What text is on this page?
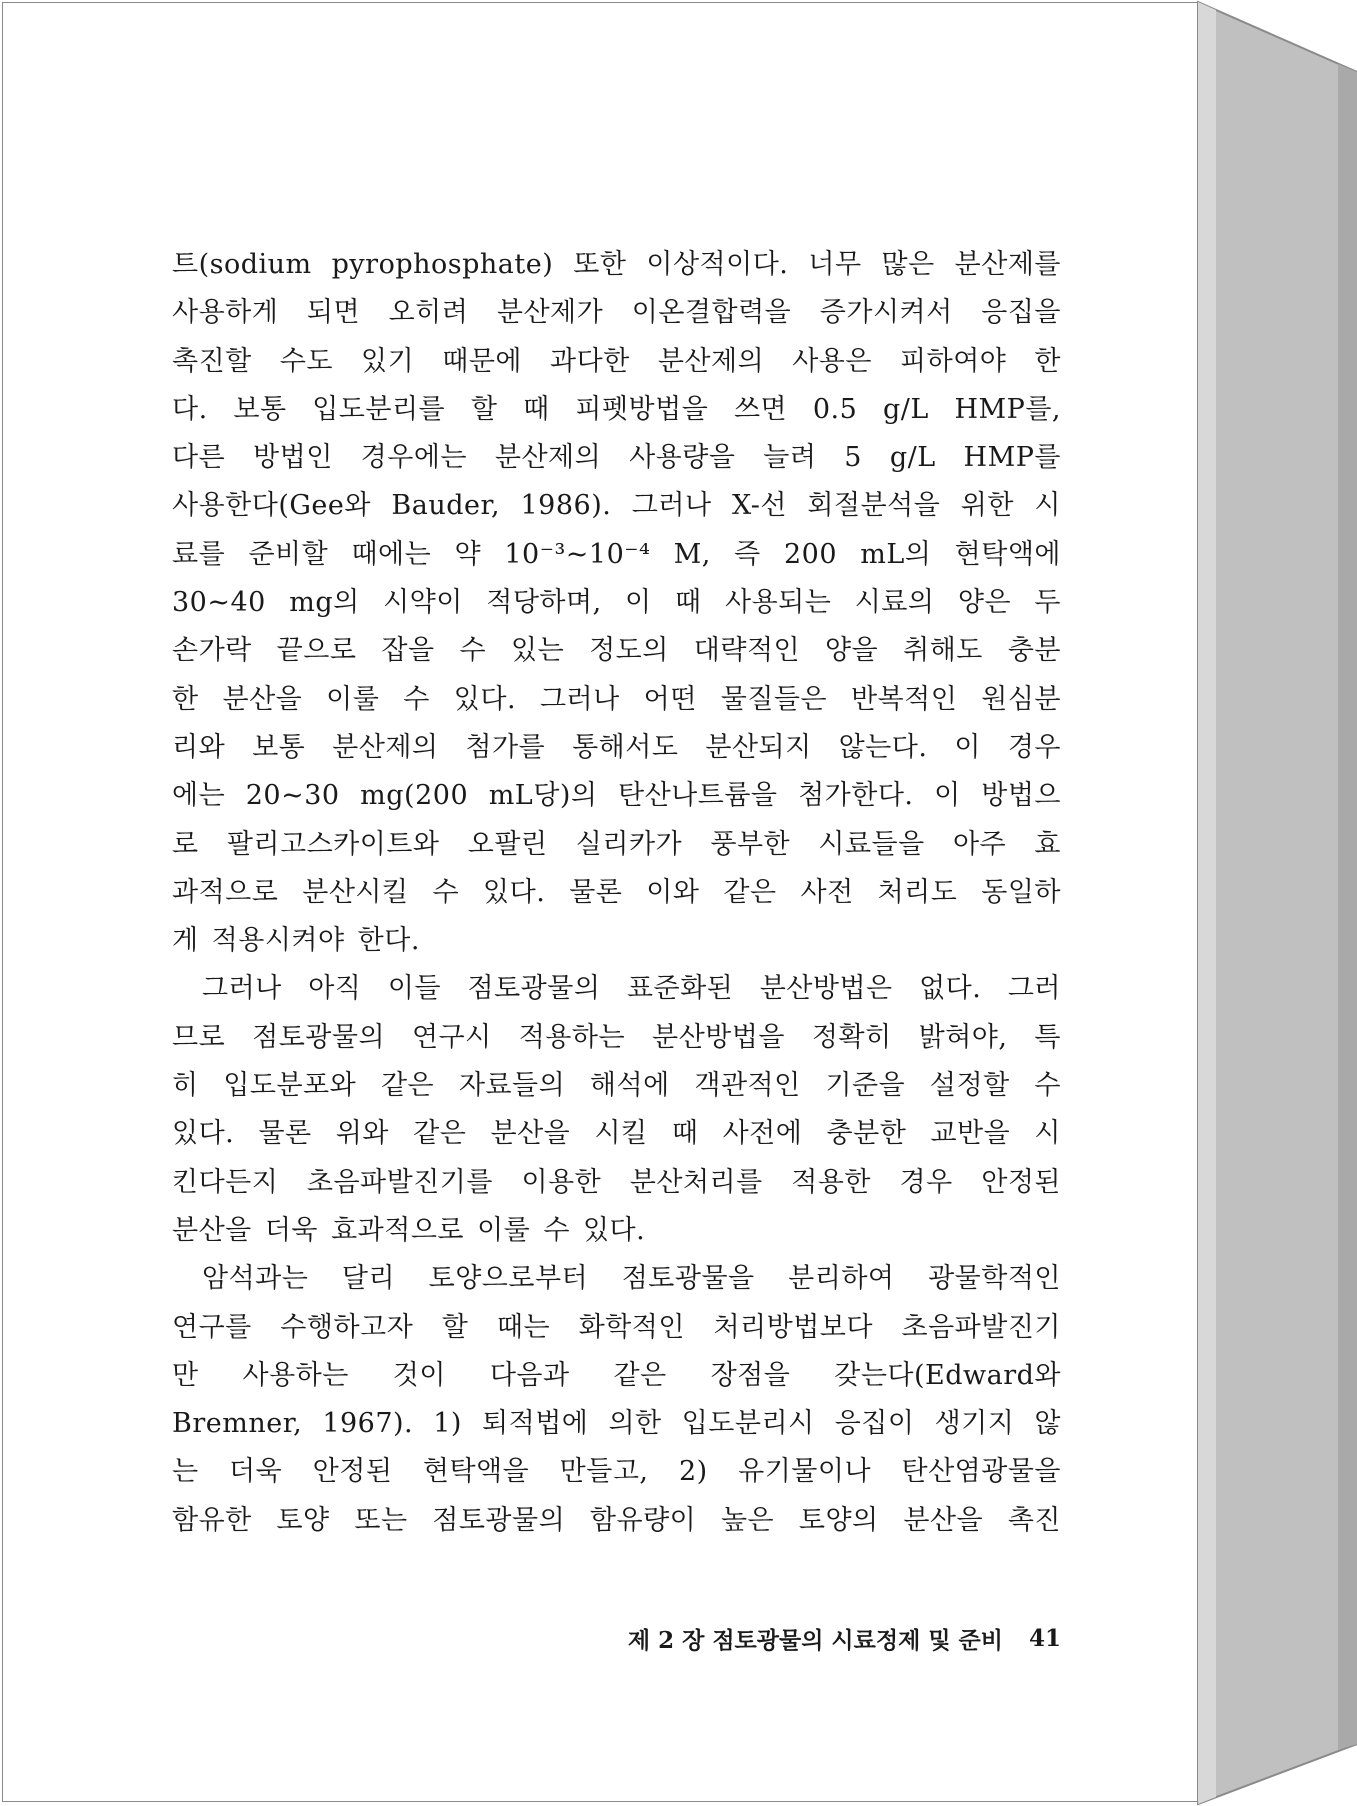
트(sodium pyrophosphate) 또한 이상적이다. 너무 많은 분산제를
사용하게 되면 오히려 분산제가 이온결합력을 증가시켜서 응집을
촉진할 수도 있기 때문에 과다한 분산제의 사용은 피하여야 한
다. 보통 입도분리를 할 때 피펫방법을 쓰면 0.5 g/L HMP를,
다른 방법인 경우에는 분산제의 사용량을 늘려 5 g/L HMP를
사용한다(Gee와 Bauder, 1986). 그러나 X-선 회절분석을 위한 시
료를 준비할 때에는 약 10⁻³~10⁻⁴ M, 즉 200 mL의 현탁액에
30~40 mg의 시약이 적당하며, 이 때 사용되는 시료의 양은 두
손가락 끝으로 잡을 수 있는 정도의 대략적인 양을 취해도 충분
한 분산을 이룰 수 있다. 그러나 어떤 물질들은 반복적인 원심분
리와 보통 분산제의 첨가를 통해서도 분산되지 않는다. 이 경우
에는 20~30 mg(200 mL당)의 탄산나트륨을 첨가한다. 이 방법으
로 팔리고스카이트와 오팔린 실리카가 풍부한 시료들을 아주 효
과적으로 분산시킬 수 있다. 물론 이와 같은 사전 처리도 동일하
게 적용시켜야 한다.
그러나 아직 이들 점토광물의 표준화된 분산방법은 없다. 그러
므로 점토광물의 연구시 적용하는 분산방법을 정확히 밝혀야, 특
히 입도분포와 같은 자료들의 해석에 객관적인 기준을 설정할 수
있다. 물론 위와 같은 분산을 시킬 때 사전에 충분한 교반을 시
킨다든지 초음파발진기를 이용한 분산처리를 적용한 경우 안정된
분산을 더욱 효과적으로 이룰 수 있다.
암석과는 달리 토양으로부터 점토광물을 분리하여 광물학적인
연구를 수행하고자 할 때는 화학적인 처리방법보다 초음파발진기
만 사용하는 것이 다음과 같은 장점을 갖는다(Edward와
Bremner, 1967). 1) 퇴적법에 의한 입도분리시 응집이 생기지 않
는 더욱 안정된 현탁액을 만들고, 2) 유기물이나 탄산염광물을
함유한 토양 또는 점토광물의 함유량이 높은 토양의 분산을 촉진
제 2 장 점토광물의 시료정제 및 준비 41
